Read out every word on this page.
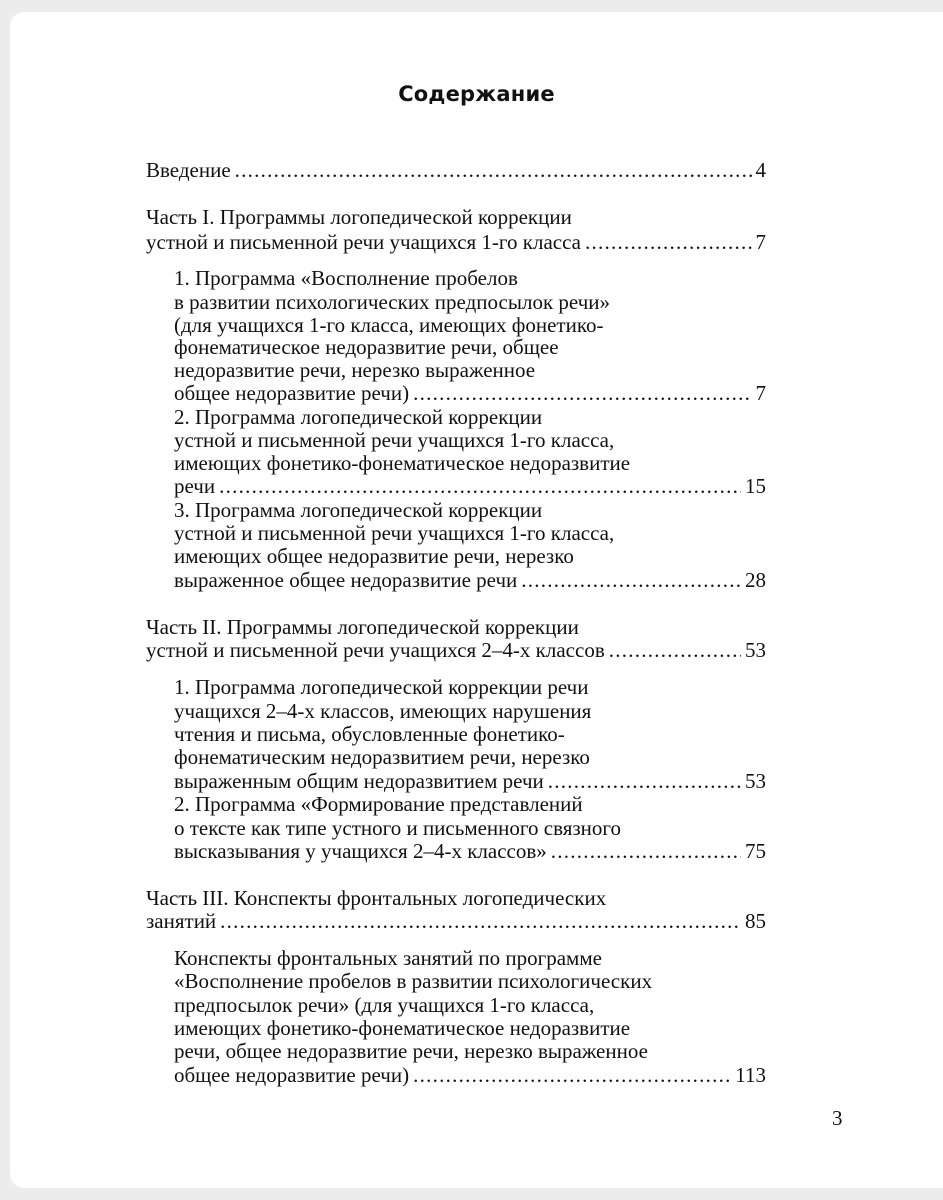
Содержание
Введение . . .	4
Часть I. Программы логопедической коррекции
устной и письменной речи учащихся 1-го класса . . .	7
1. Программа «Восполнение пробелов
в развитии психологических предпосылок речи»
(для учащихся 1-го класса, имеющих фонетико-
фонематическое недоразвитие речи, общее
недоразвитие речи, нерезко выраженное
общее недоразвитие речи) . . .	7
2. Программа логопедической коррекции
устной и письменной речи учащихся 1-го класса,
имеющих фонетико-фонематическое недоразвитие
речи . . .	15
3. Программа логопедической коррекции
устной и письменной речи учащихся 1-го класса,
имеющих общее недоразвитие речи, нерезко
выраженное общее недоразвитие речи . . .	28
Часть II. Программы логопедической коррекции
устной и письменной речи учащихся 2–4-х классов . . .	53
1. Программа логопедической коррекции речи
учащихся 2–4-х классов, имеющих нарушения
чтения и письма, обусловленные фонетико-
фонематическим недоразвитием речи, нерезко
выраженным общим недоразвитием речи . . .	53
2. Программа «Формирование представлений
о тексте как типе устного и письменного связного
высказывания у учащихся 2–4-х классов» . . .	75
Часть III. Конспекты фронтальных логопедических
занятий . . .	85
Конспекты фронтальных занятий по программе
«Восполнение пробелов в развитии психологических
предпосылок речи» (для учащихся 1-го класса,
имеющих фонетико-фонематическое недоразвитие
речи, общее недоразвитие речи, нерезко выраженное
общее недоразвитие речи) . . .	113
3
